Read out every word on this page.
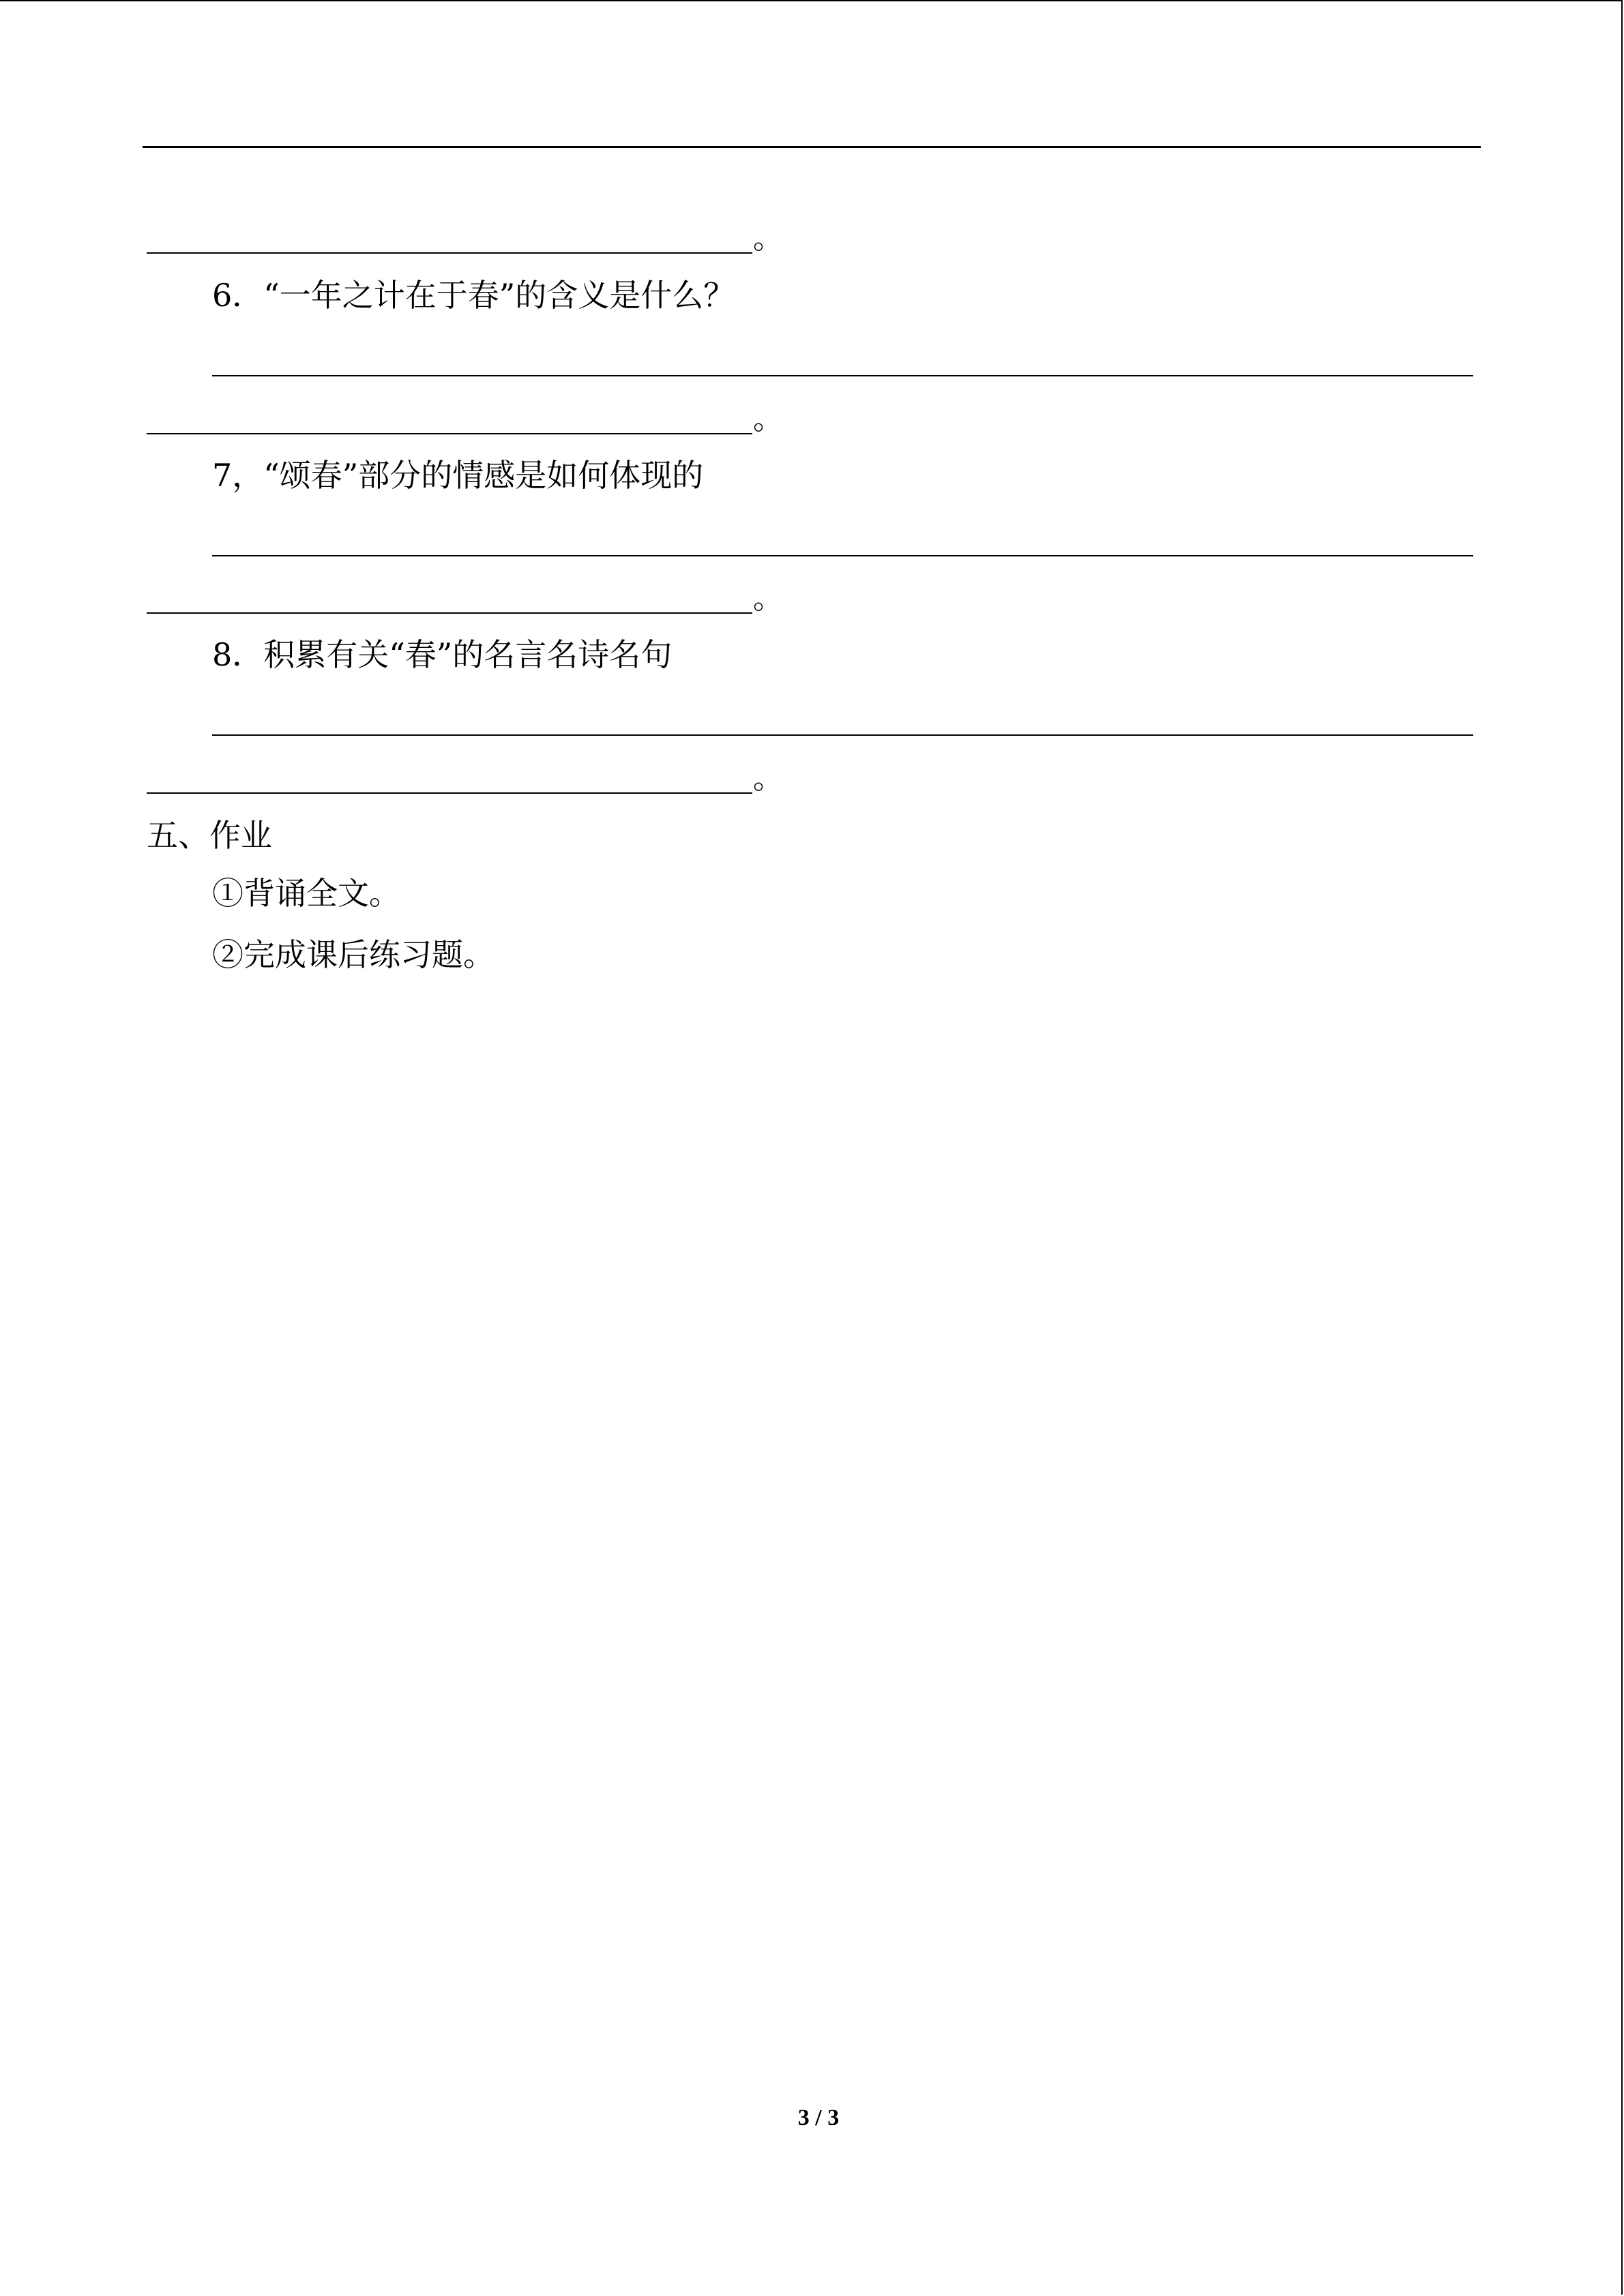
。
6．“一年之计在于春”的含义是什么？
。
7，“颂春”部分的情感是如何体现的
。
8．积累有关“春”的名言名诗名句
。
五、作业
①背诵全文。
②完成课后练习题。
3 / 3
